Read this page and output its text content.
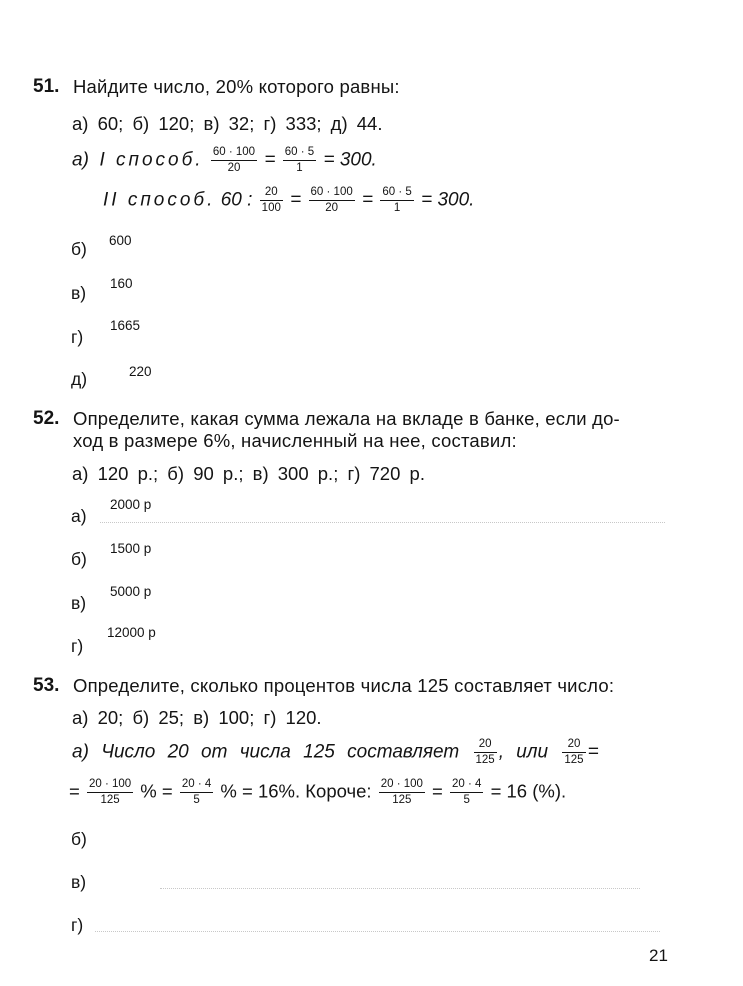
51. Найдите число, 20% которого равны:
а) 60; б) 120; в) 32; г) 333; д) 44.
а) I способ. $\frac{60 \cdot 100}{20} = \frac{60 \cdot 5}{1} = 300$.
II способ. 60 : $\frac{20}{100} = \frac{60 \cdot 100}{20} = \frac{60 \cdot 5}{1} = 300$.
б) 600
в) 160
г)
1665
д)	220
52. Определите, какая сумма лежала на вкладе в банке, если до-
ход в размере 6%, начисленный на нее, составил:
а) 120 р.; б) 90 р.; в) 300 р.; г) 720 р.
а)
2000 р
б)
1500 р
в)
5000 р
г)
12000 р
53. Определите, сколько процентов числа 125 составляет число:
а) 20; б) 25; в) 100; г) 120.
а) Число 20 от числа 125 составляет $\frac{20}{125}$ , или $\frac{20}{125}$ =
= $\frac{20 \cdot 100}{125}$ % = $\frac{20 \cdot 4}{5}$ % = 16%. Короче: $\frac{20 \cdot 100}{125} = \frac{20 \cdot 4}{5} = 16$ (%).
б)
в)
г)
21
